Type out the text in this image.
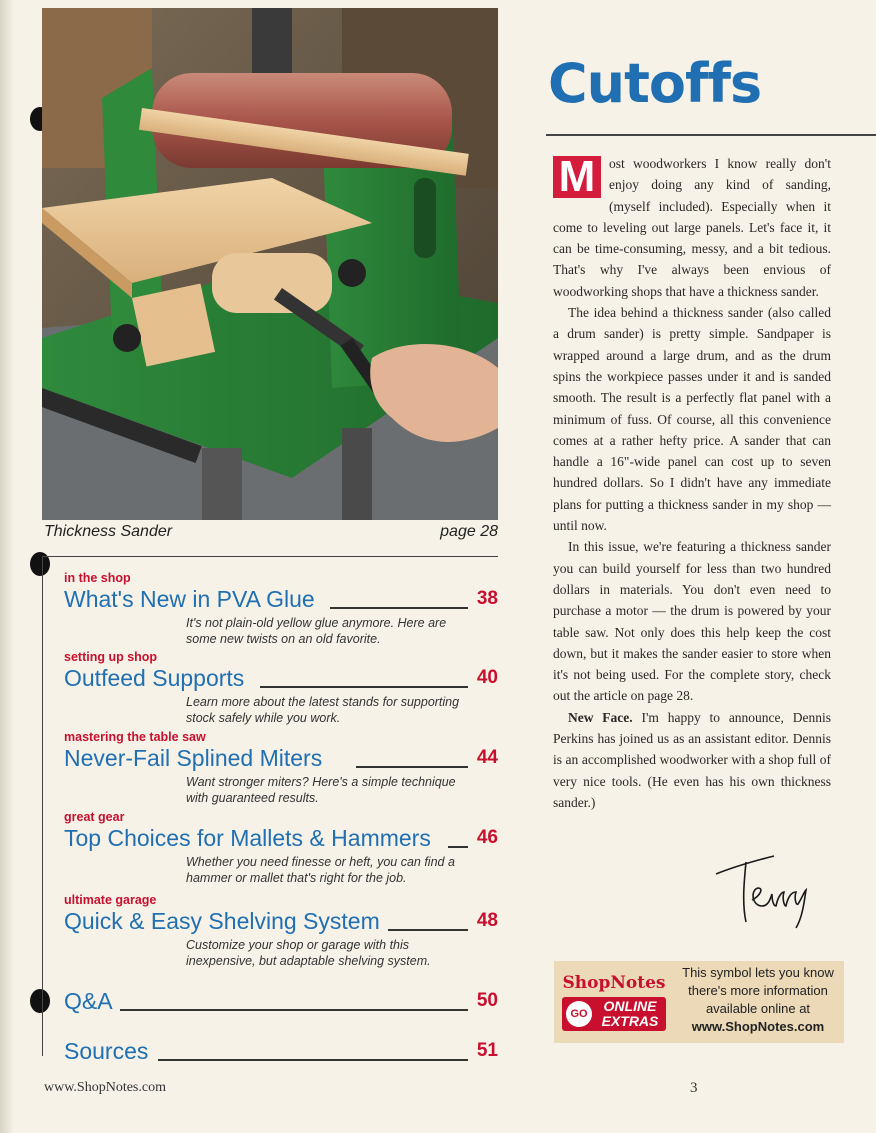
Thickness Sander	page 28
in the shop
What's New in PVA Glue	38
It's not plain-old yellow glue anymore. Here are some new twists on an old favorite.
setting up shop
Outfeed Supports	40
Learn more about the latest stands for supporting stock safely while you work.
mastering the table saw
Never-Fail Splined Miters	44
Want stronger miters? Here's a simple technique with guaranteed results.
great gear
Top Choices for Mallets & Hammers 46
Whether you need finesse or heft, you can find a hammer or mallet that's right for the job.
ultimate garage
Quick & Easy Shelving System	48
Customize your shop or garage with this inexpensive, but adaptable shelving system.
Q&A	50
Sources	51
Cutoffs

M	ost woodworkers I know really don't enjoy doing any kind of sanding, (myself included). Especially when it come to leveling out large panels. Let's face it, it can be time-consuming, messy, and a bit tedious. That's why I've always been envious of woodworking shops that have a thickness sander.

The idea behind a thickness sander (also called a drum sander) is pretty simple. Sandpaper is wrapped around a large drum, and as the drum spins the workpiece passes under it and is sanded smooth. The result is a perfectly flat panel with a minimum of fuss. Of course, all this convenience comes at a rather hefty price. A sander that can handle a 16"-wide panel can cost up to seven hundred dollars. So I didn't have any immediate plans for putting a thickness sander in my shop — until now.

In this issue, we're featuring a thickness sander you can build yourself for less than two hundred dollars in materials. You don't even need to purchase a motor — the drum is powered by your table saw. Not only does this help keep the cost down, but it makes the sander easier to store when it's not being used. For the complete story, check out the article on page 28.

New Face. I'm happy to announce, Dennis Perkins has joined us as an assistant editor. Dennis is an accomplished woodworker with a shop full of very nice tools. (He even has his own thickness sander.)

ShopNotes
GO	ONLINE
EXTRAS
This symbol lets you know there's more information available online at
www.ShopNotes.com
www.ShopNotes.com	3
